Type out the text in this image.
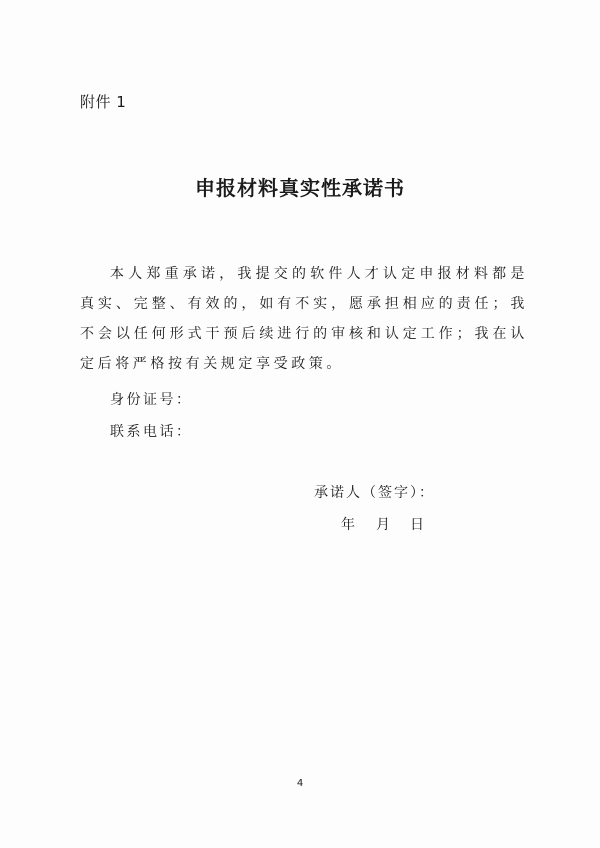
附件 1
申报材料真实性承诺书

本人郑重承诺，我提交的软件人才认定申报材料都是真实、完整、有效的，如有不实，愿承担相应的责任；我不会以任何形式干预后续进行的审核和认定工作；我在认定后将严格按有关规定享受政策。

身份证号：
联系电话：
承诺人（签字）：
年 月 日
4
